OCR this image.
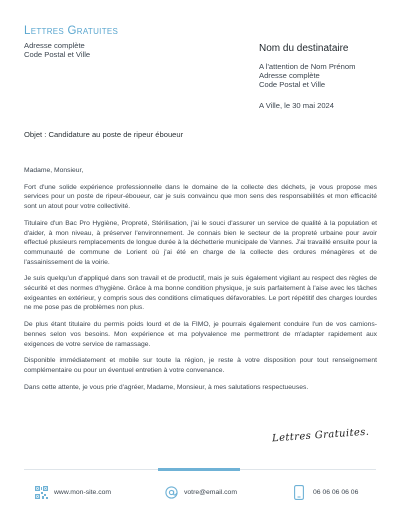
Lettres Gratuites
Adresse complète
Code Postal et Ville
Nom du destinataire
A l'attention de Nom Prénom
Adresse complète
Code Postal et Ville
A Ville, le 30 mai 2024
Objet : Candidature au poste de ripeur éboueur

Madame, Monsieur,

Fort d'une solide expérience professionnelle dans le domaine de la collecte des déchets, je vous propose mes services pour un poste de ripeur-éboueur, car je suis convaincu que mon sens des responsabilités et mon efficacité sont un atout pour votre collectivité.

Titulaire d'un Bac Pro Hygiène, Propreté, Stérilisation, j'ai le souci d'assurer un service de qualité à la population et d'aider, à mon niveau, à préserver l'environnement. Je connais bien le secteur de la propreté urbaine pour avoir effectué plusieurs remplacements de longue durée à la déchetterie municipale de Vannes. J'ai travaillé ensuite pour la communauté de commune de Lorient où j'ai été en charge de la collecte des ordures ménagères et de l'assainissement de la voirie.

Je suis quelqu'un d'appliqué dans son travail et de productif, mais je suis également vigilant au respect des règles de sécurité et des normes d'hygiène. Grâce à ma bonne condition physique, je suis parfaitement à l'aise avec les tâches exigeantes en extérieur, y compris sous des conditions climatiques défavorables. Le port répétitif des charges lourdes ne me pose pas de problèmes non plus.

De plus étant titulaire du permis poids lourd et de la FIMO, je pourrais également conduire l'un de vos camions-bennes selon vos besoins. Mon expérience et ma polyvalence me permettront de m'adapter rapidement aux exigences de votre service de ramassage.

Disponible immédiatement et mobile sur toute la région, je reste à votre disposition pour tout renseignement complémentaire ou pour un éventuel entretien à votre convenance.

Dans cette attente, je vous prie d'agréer, Madame, Monsieur, à mes salutations respectueuses.

Lettres Gratuites.
www.mon-site.com	votre@email.com	06 06 06 06 06
